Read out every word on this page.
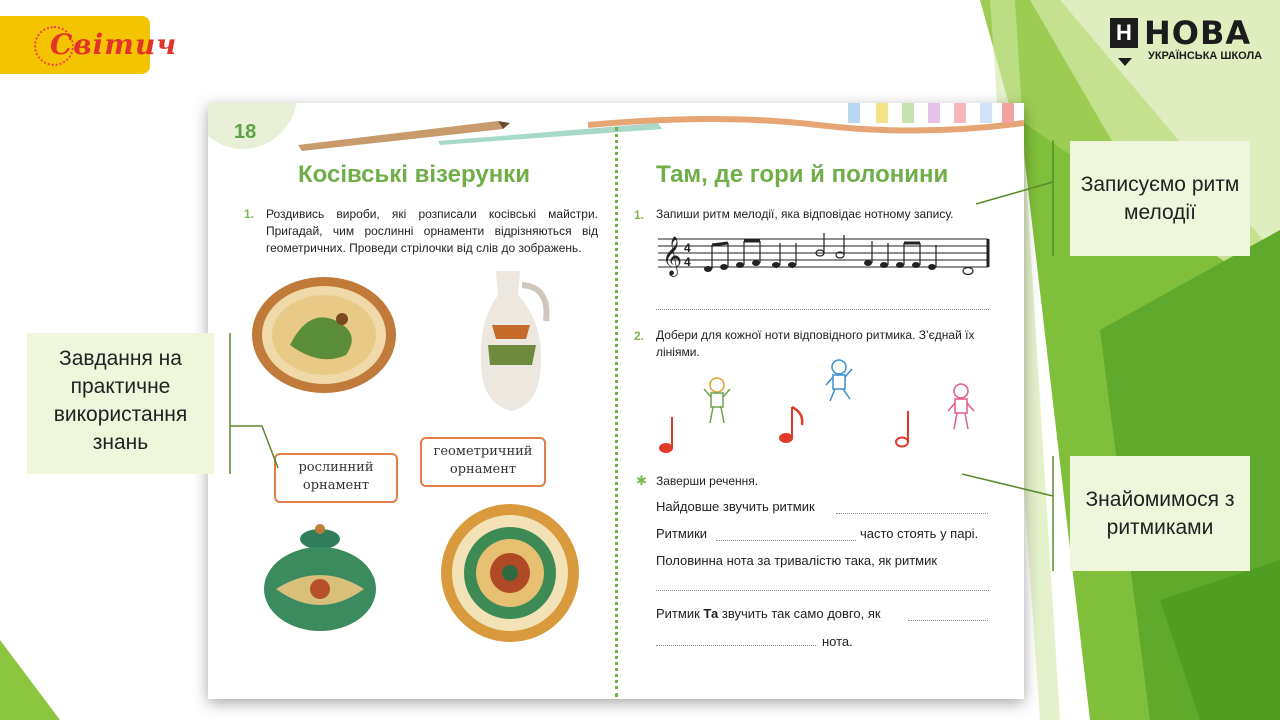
Світич	Н НОВА
УКРАЇНСЬКА ШКОЛА
18
Косівські візерунки
1. Роздивись вироби, які розписали косівські майстри. Пригадай, чим рослинні орнаменти відрізняються від геометричних. Проведи стрілочки від слів до зображень.
рослинний орнамент
геометричний орнамент
Там, де гори й полонини
1. Запиши ритм мелодії, яка відповідає нотному запису.
𝄞 4
4
2. Добери для кожної ноти відповідного ритмика. З’єднай їх лініями.
✱ Заверши речення.
Найдовше звучить ритмик
Ритмики	часто стоять у парі.
Половинна нота за тривалістю така, як ритмик
Ритмик Та звучить так само довго, як
нота.
Завдання на практичне використання знань
Записуємо ритм мелодії
Знайомимося з ритмиками
